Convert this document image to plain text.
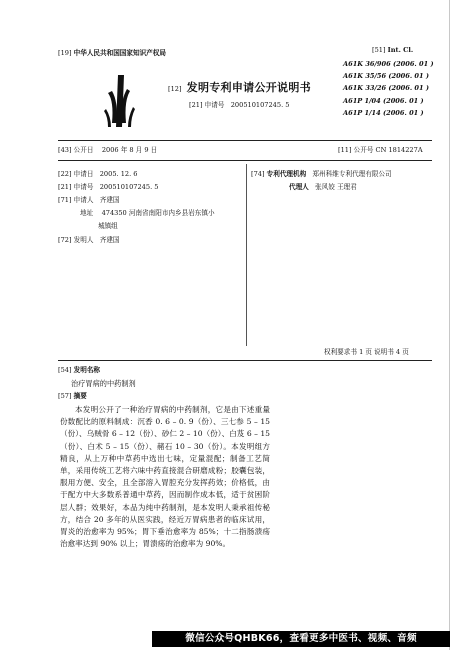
[19] 中华人民共和国国家知识产权局
[12] 发明专利申请公开说明书
[21] 申请号 200510107245. 5
[51] Int. Cl.
A61K 36/906 (2006. 01 )
A61K 35/56 (2006. 01 )
A61K 33/26 (2006. 01 )
A61P 1/04 (2006. 01 )
A61P 1/14 (2006. 01 )
[43] 公开日 2006 年 8 月 9 日	[11] 公开号 CN 1814227A
[22] 申请日 2005. 12. 6
[21] 申请号 200510107245. 5
[71] 申请人 齐建国
地址 474350 河南省南阳市内乡县岩东镇小
城镇组
[72] 发明人 齐建国
[74] 专利代理机构 郑州科维专利代理有限公司
代理人 张风姣 王理君
权利要求书 1 页 说明书 4 页
[54] 发明名称
治疗胃病的中药制剂
[57] 摘要
本发明公开了一种治疗胃病的中药制剂，它是由下述重量份数配比的原料制成：沉香 0. 6 – 0. 9（份）、三七参 5 – 15（份）、乌贼骨 6 – 12（份）、砂仁 2 – 10（份）、白芨 6 – 15（份）、白术 5 – 15（份）、赭石 10 – 30（份）。本发明组方精良，从上万种中草药中选出七味，定量混配；制备工艺简单，采用传统工艺将六味中药直接混合研磨成粉；胶囊包装，服用方便、安全，且全部溶入胃腔充分发挥药效；价格低，由于配方中大多数系普通中草药，因而制作成本低，适于贫困阶层人群；效果好，本品为纯中药制剂，是本发明人秉承祖传秘方，结合 20 多年的从医实践，经近万胃病患者的临床试用，胃炎的治愈率为 95%；胃下垂治愈率为 85%；十二指肠溃疡治愈率达到 90% 以上；胃溃疡的治愈率为 90%。
微信公众号QHBK66，查看更多中医书、视频、音频
